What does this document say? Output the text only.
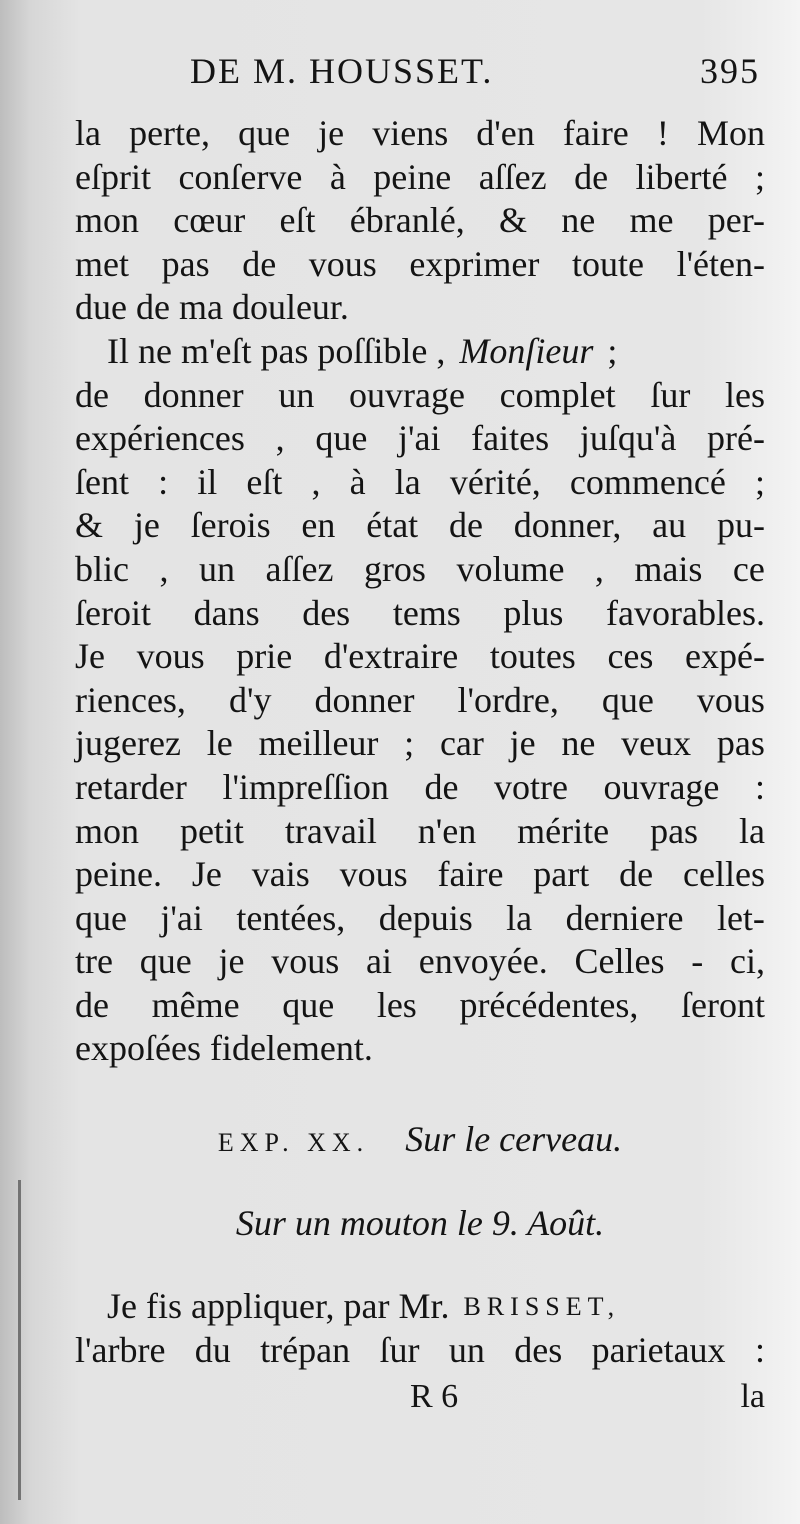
DE M. HOUSSET.	395
la perte, que je viens d'en faire ! Mon
eſprit conſerve à peine aſſez de liberté ;
mon cœur eſt ébranlé, & ne me per-
met pas de vous exprimer toute l'éten-
due de ma douleur.
Il ne m'eſt pas poſſible , Monſieur ;
de donner un ouvrage complet ſur les
expériences , que j'ai faites juſqu'à pré-
ſent : il eſt , à la vérité, commencé ;
& je ſerois en état de donner, au pu-
blic , un aſſez gros volume , mais ce
ſeroit dans des tems plus favorables.
Je vous prie d'extraire toutes ces expé-
riences, d'y donner l'ordre, que vous
jugerez le meilleur ; car je ne veux pas
retarder l'impreſſion de votre ouvrage :
mon petit travail n'en mérite pas la
peine. Je vais vous faire part de celles
que j'ai tentées, depuis la derniere let-
tre que je vous ai envoyée. Celles - ci,
de même que les précédentes, ſeront
expoſées fidelement.
EXP. XX. Sur le cerveau.
Sur un mouton le 9. Août.
Je fis appliquer, par Mr. BRISSET,
l'arbre du trépan ſur un des parietaux :
R 6	la
